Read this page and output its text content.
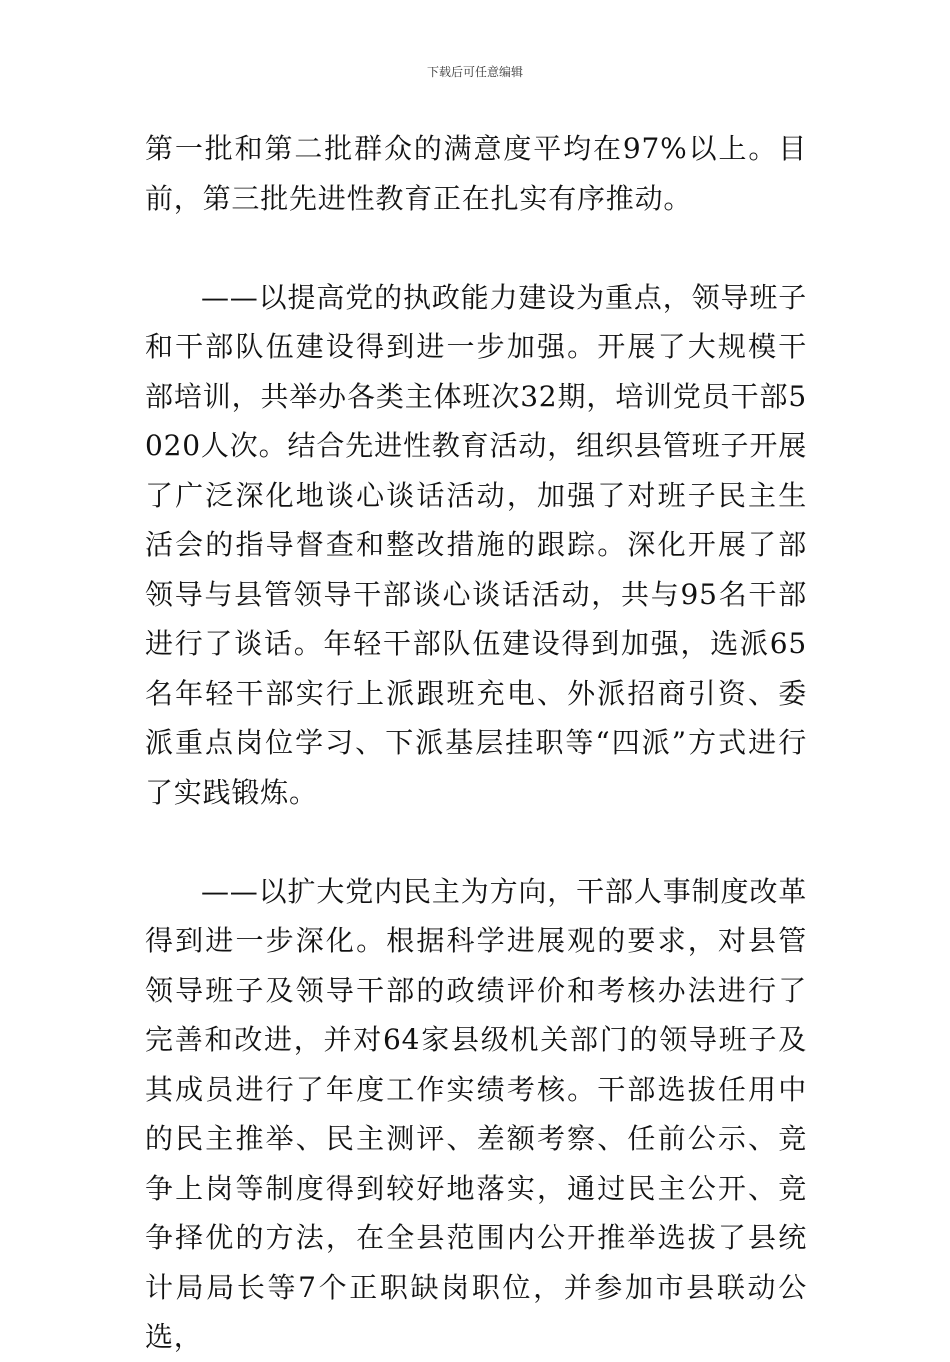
下载后可任意编辑

第一批和第二批群众的满意度平均在97%以上。目前，第三批先进性教育正在扎实有序推动。

——以提高党的执政能力建设为重点，领导班子和干部队伍建设得到进一步加强。开展了大规模干部培训，共举办各类主体班次32期，培训党员干部5020人次。结合先进性教育活动，组织县管班子开展了广泛深化地谈心谈话活动，加强了对班子民主生活会的指导督查和整改措施的跟踪。深化开展了部领导与县管领导干部谈心谈话活动，共与95名干部进行了谈话。年轻干部队伍建设得到加强，选派65名年轻干部实行上派跟班充电、外派招商引资、委派重点岗位学习、下派基层挂职等“四派”方式进行了实践锻炼。

——以扩大党内民主为方向，干部人事制度改革得到进一步深化。根据科学进展观的要求，对县管领导班子及领导干部的政绩评价和考核办法进行了完善和改进，并对64家县级机关部门的领导班子及其成员进行了年度工作实绩考核。干部选拔任用中的民主推举、民主测评、差额考察、任前公示、竞争上岗等制度得到较好地落实，通过民主公开、竞争择优的方法，在全县范围内公开推举选拔了县统计局局长等7个正职缺岗职位，并参加市县联动公选，
